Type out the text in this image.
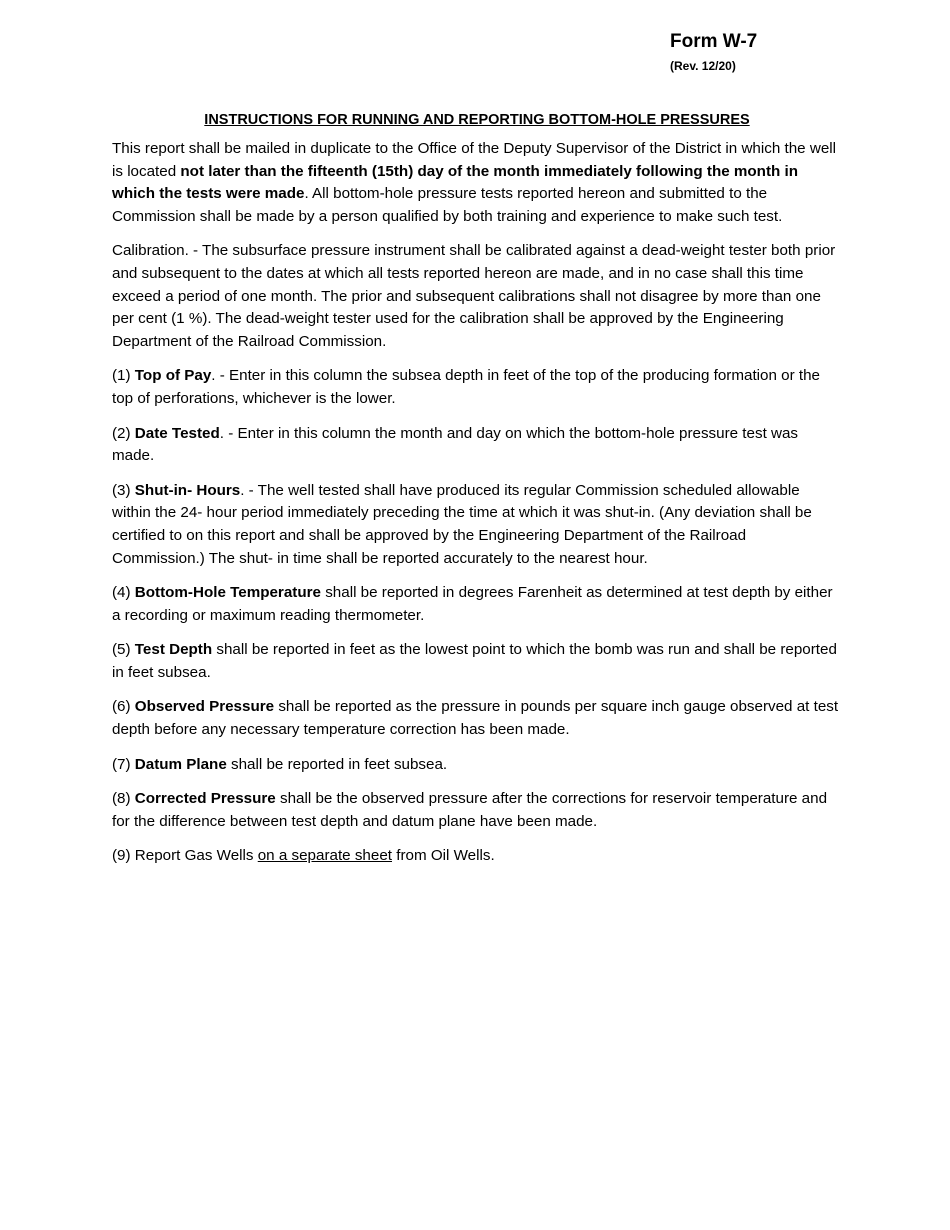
Form W-7
(Rev. 12/20)
INSTRUCTIONS FOR RUNNING AND REPORTING BOTTOM-HOLE PRESSURES

This report shall be mailed in duplicate to the Office of the Deputy Supervisor of the District in which the well is located not later than the fifteenth (15th) day of the month immediately following the month in which the tests were made. All bottom-hole pressure tests reported hereon and submitted to the Commission shall be made by a person qualified by both training and experience to make such test.

Calibration. - The subsurface pressure instrument shall be calibrated against a dead-weight tester both prior and subsequent to the dates at which all tests reported hereon are made, and in no case shall this time exceed a period of one month. The prior and subsequent calibrations shall not disagree by more than one per cent (1 %). The dead-weight tester used for the calibration shall be approved by the Engineering Department of the Railroad Commission.

(1) Top of Pay. - Enter in this column the subsea depth in feet of the top of the producing formation or the top of perforations, whichever is the lower.

(2) Date Tested. - Enter in this column the month and day on which the bottom-hole pressure test was made.

(3) Shut-in- Hours. - The well tested shall have produced its regular Commission scheduled allowable within the 24- hour period immediately preceding the time at which it was shut-in. (Any deviation shall be certified to on this report and shall be approved by the Engineering Department of the Railroad Commission.) The shut- in time shall be reported accurately to the nearest hour.

(4) Bottom-Hole Temperature shall be reported in degrees Farenheit as determined at test depth by either a recording or maximum reading thermometer.

(5) Test Depth shall be reported in feet as the lowest point to which the bomb was run and shall be reported in feet subsea.

(6) Observed Pressure shall be reported as the pressure in pounds per square inch gauge observed at test depth before any necessary temperature correction has been made.

(7) Datum Plane shall be reported in feet subsea.

(8) Corrected Pressure shall be the observed pressure after the corrections for reservoir temperature and for the difference between test depth and datum plane have been made.

(9) Report Gas Wells on a separate sheet from Oil Wells.
